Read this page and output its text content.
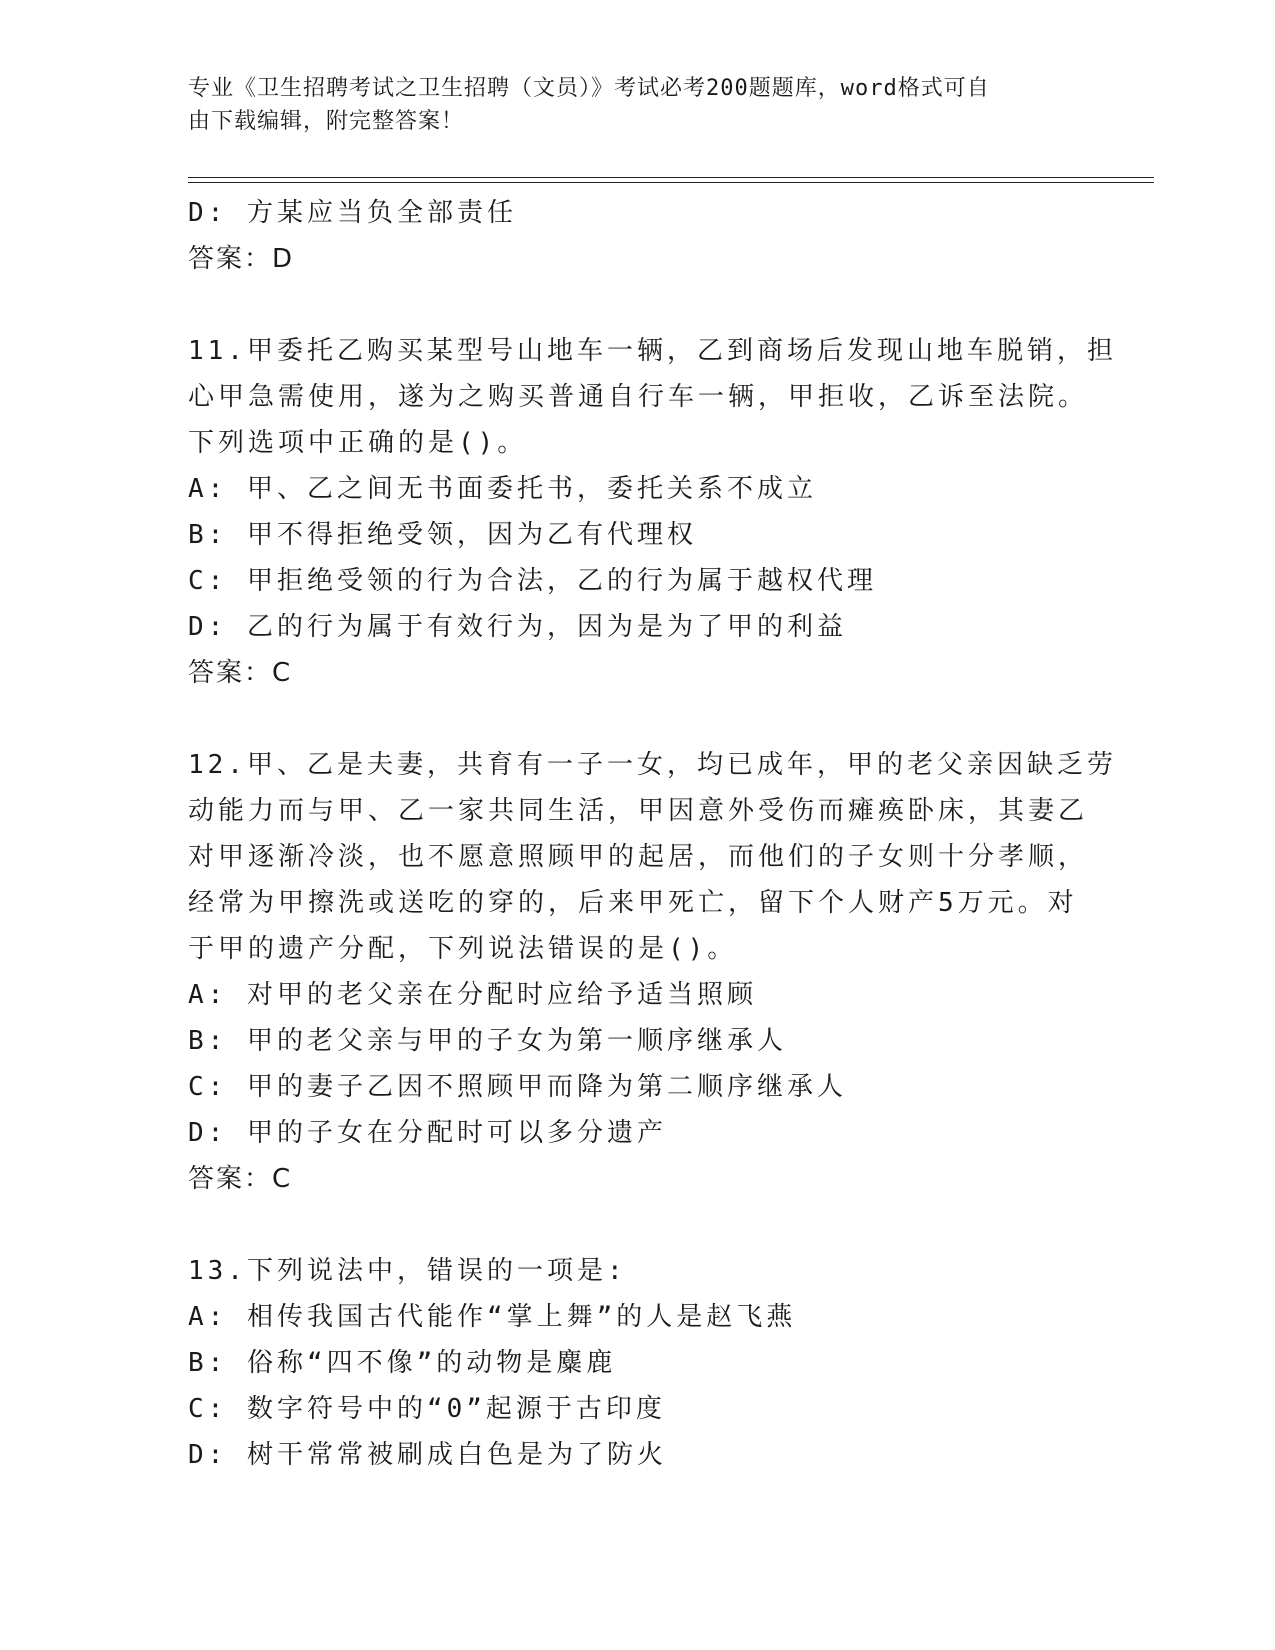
专业《卫生招聘考试之卫生招聘（文员）》考试必考200题题库，word格式可自
由下载编辑，附完整答案！
D: 方某应当负全部责任
答案：D
11.甲委托乙购买某型号山地车一辆，乙到商场后发现山地车脱销，担
心甲急需使用，遂为之购买普通自行车一辆，甲拒收，乙诉至法院。
下列选项中正确的是()。
A: 甲、乙之间无书面委托书，委托关系不成立
B: 甲不得拒绝受领，因为乙有代理权
C: 甲拒绝受领的行为合法，乙的行为属于越权代理
D: 乙的行为属于有效行为，因为是为了甲的利益
答案：C
12.甲、乙是夫妻，共育有一子一女，均已成年，甲的老父亲因缺乏劳
动能力而与甲、乙一家共同生活，甲因意外受伤而瘫痪卧床，其妻乙
对甲逐渐冷淡，也不愿意照顾甲的起居，而他们的子女则十分孝顺，
经常为甲擦洗或送吃的穿的，后来甲死亡，留下个人财产5万元。对
于甲的遗产分配，下列说法错误的是()。
A: 对甲的老父亲在分配时应给予适当照顾
B: 甲的老父亲与甲的子女为第一顺序继承人
C: 甲的妻子乙因不照顾甲而降为第二顺序继承人
D: 甲的子女在分配时可以多分遗产
答案：C
13.下列说法中，错误的一项是:
A: 相传我国古代能作“掌上舞”的人是赵飞燕
B: 俗称“四不像”的动物是麋鹿
C: 数字符号中的“0”起源于古印度
D: 树干常常被刷成白色是为了防火
